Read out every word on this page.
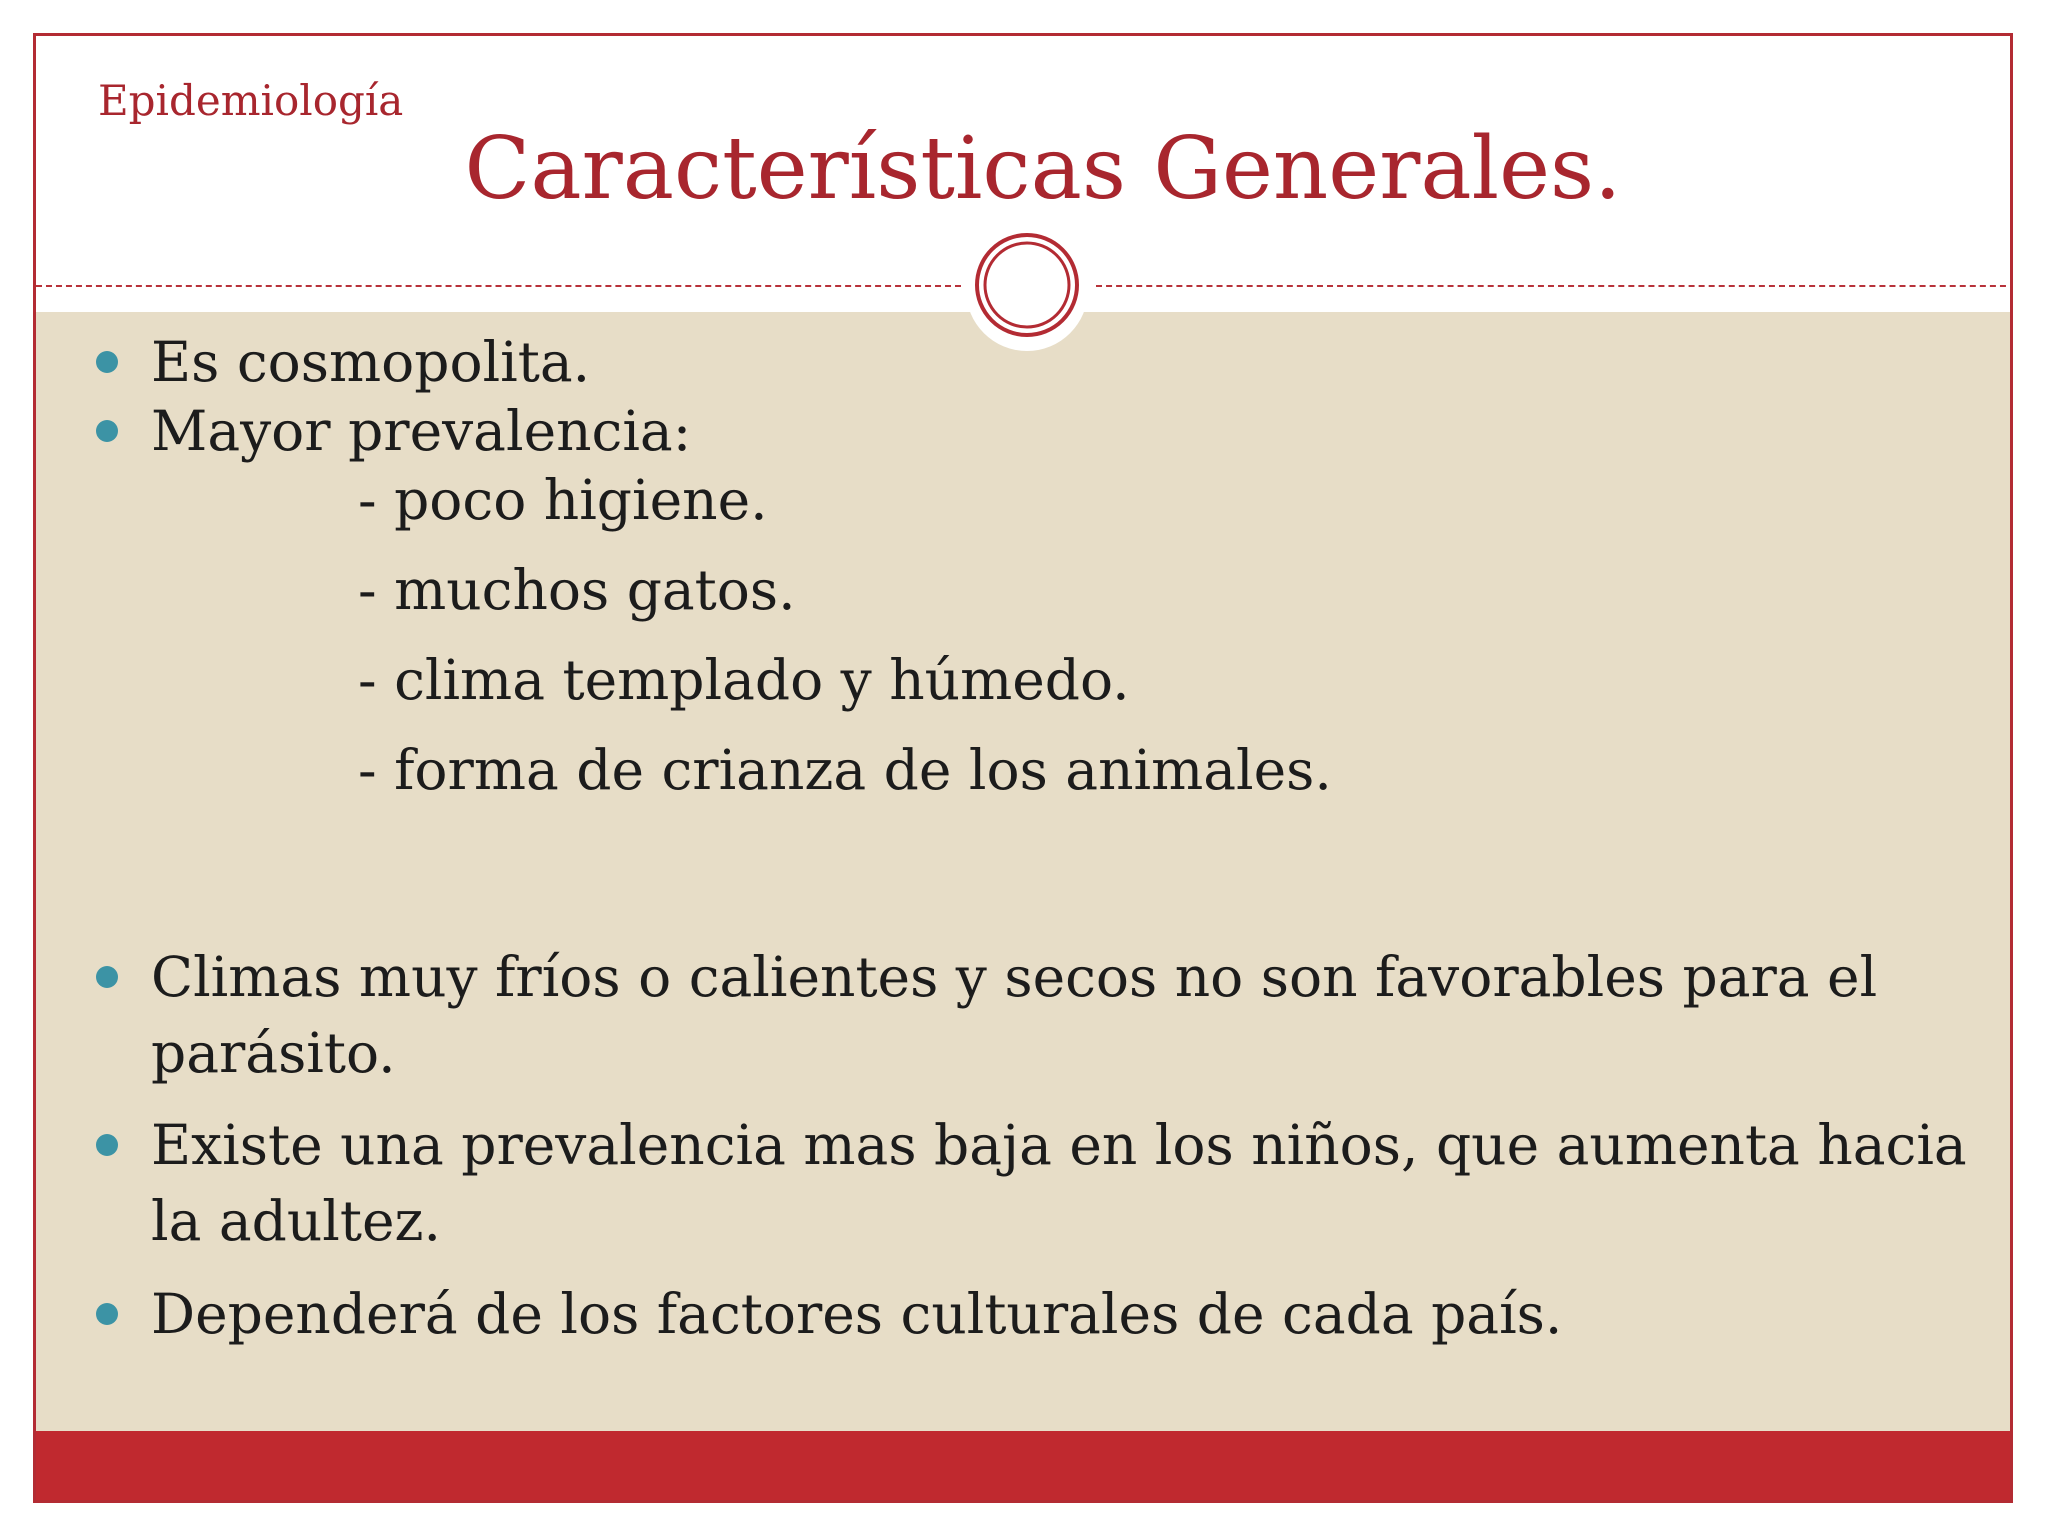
Epidemiología
Características Generales.
Es cosmopolita.
Mayor prevalencia:
- poco higiene.
- muchos gatos.
- clima templado y húmedo.
- forma de crianza de los animales.
Climas muy fríos o calientes y secos no son favorables para el
parásito.
Existe una prevalencia mas baja en los niños, que aumenta hacia
la adultez.
Dependerá de los factores culturales de cada país.
